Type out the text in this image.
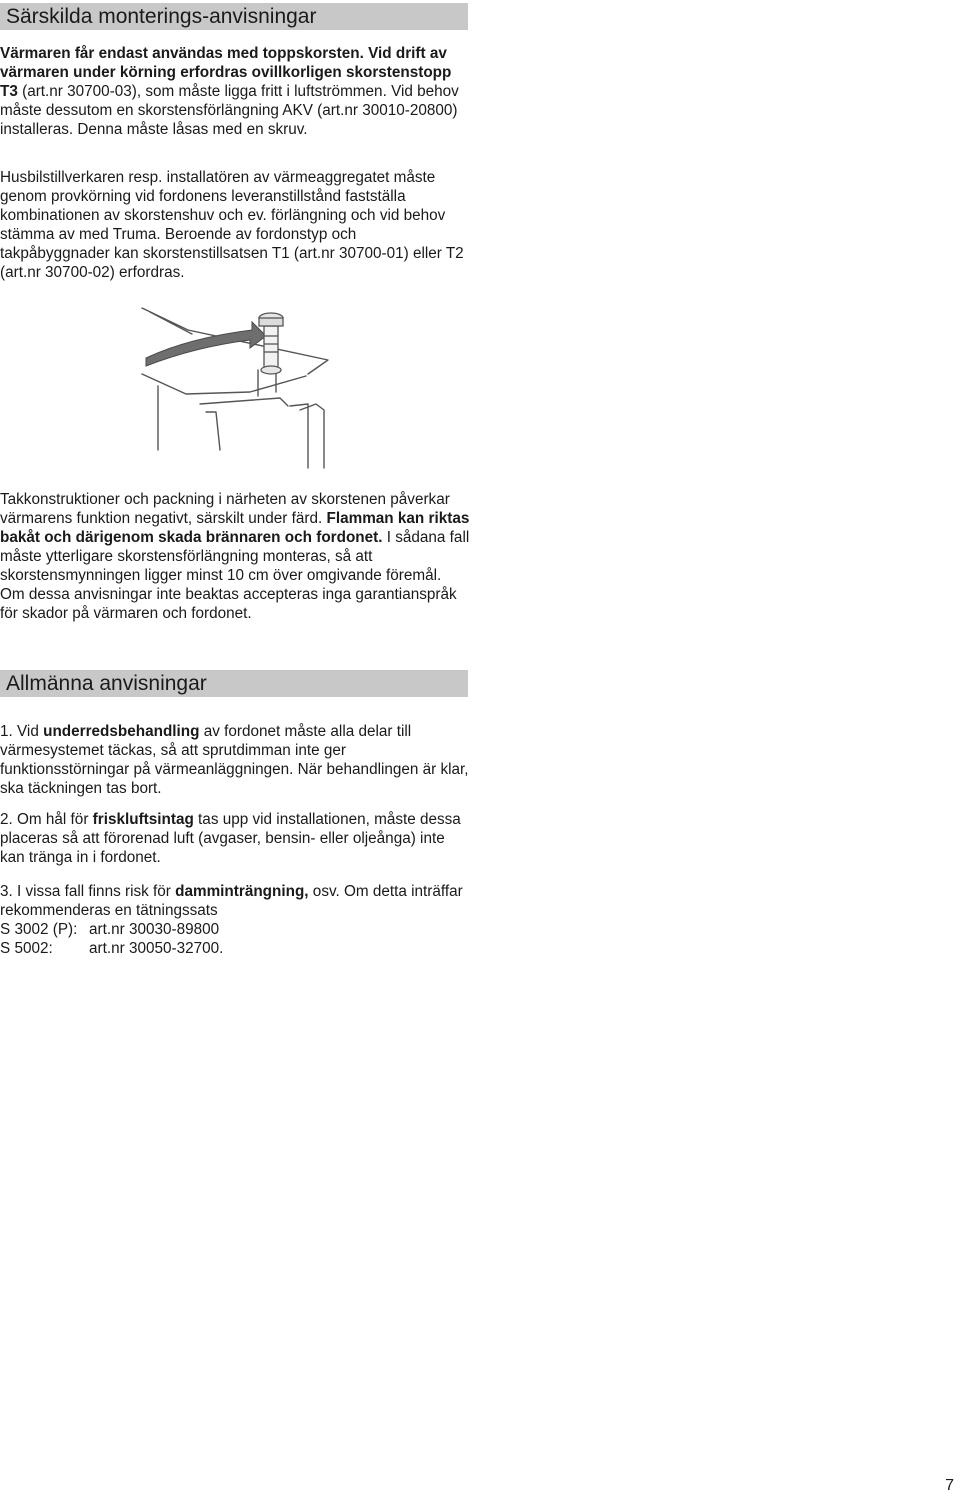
Särskilda monterings-anvisningar

Värmaren får endast användas med toppskorsten. Vid drift av värmaren under körning erfordras ovillkorligen skorstenstopp T3 (art.nr 30700-03), som måste ligga fritt i luftströmmen. Vid behov måste dessutom en skorstensförlängning AKV (art.nr 30010-20800) installeras. Denna måste låsas med en skruv.

Husbilstillverkaren resp. installatören av värmeaggregatet måste genom provkörning vid fordonens leveranstillstånd fastställa kombinationen av skorstenshuv och ev. förlängning och vid behov stämma av med Truma. Beroende av fordonstyp och takpåbyggnader kan skorstenstillsatsen T1 (art.nr 30700-01) eller T2 (art.nr 30700-02) erfordras.

Takkonstruktioner och packning i närheten av skorstenen påverkar värmarens funktion negativt, särskilt under färd. Flamman kan riktas bakåt och därigenom skada brännaren och fordonet. I sådana fall måste ytterligare skorstensförlängning monteras, så att skorstensmynningen ligger minst 10 cm över omgivande föremål. Om dessa anvisningar inte beaktas accepteras inga garantianspråk för skador på värmaren och fordonet.

Allmänna anvisningar

1. Vid underredsbehandling av fordonet måste alla delar till värmesystemet täckas, så att sprutdimman inte ger funktionsstörningar på värmeanläggningen. När behandlingen är klar, ska täckningen tas bort.

2. Om hål för friskluftsintag tas upp vid installationen, måste dessa placeras så att förorenad luft (avgaser, bensin- eller oljeånga) inte kan tränga in i fordonet.

3. I vissa fall finns risk för damminträngning, osv. Om detta inträffar rekommenderas en tätningssats
S 3002 (P): art.nr 30030-89800
S 5002: art.nr 30050-32700.
7
